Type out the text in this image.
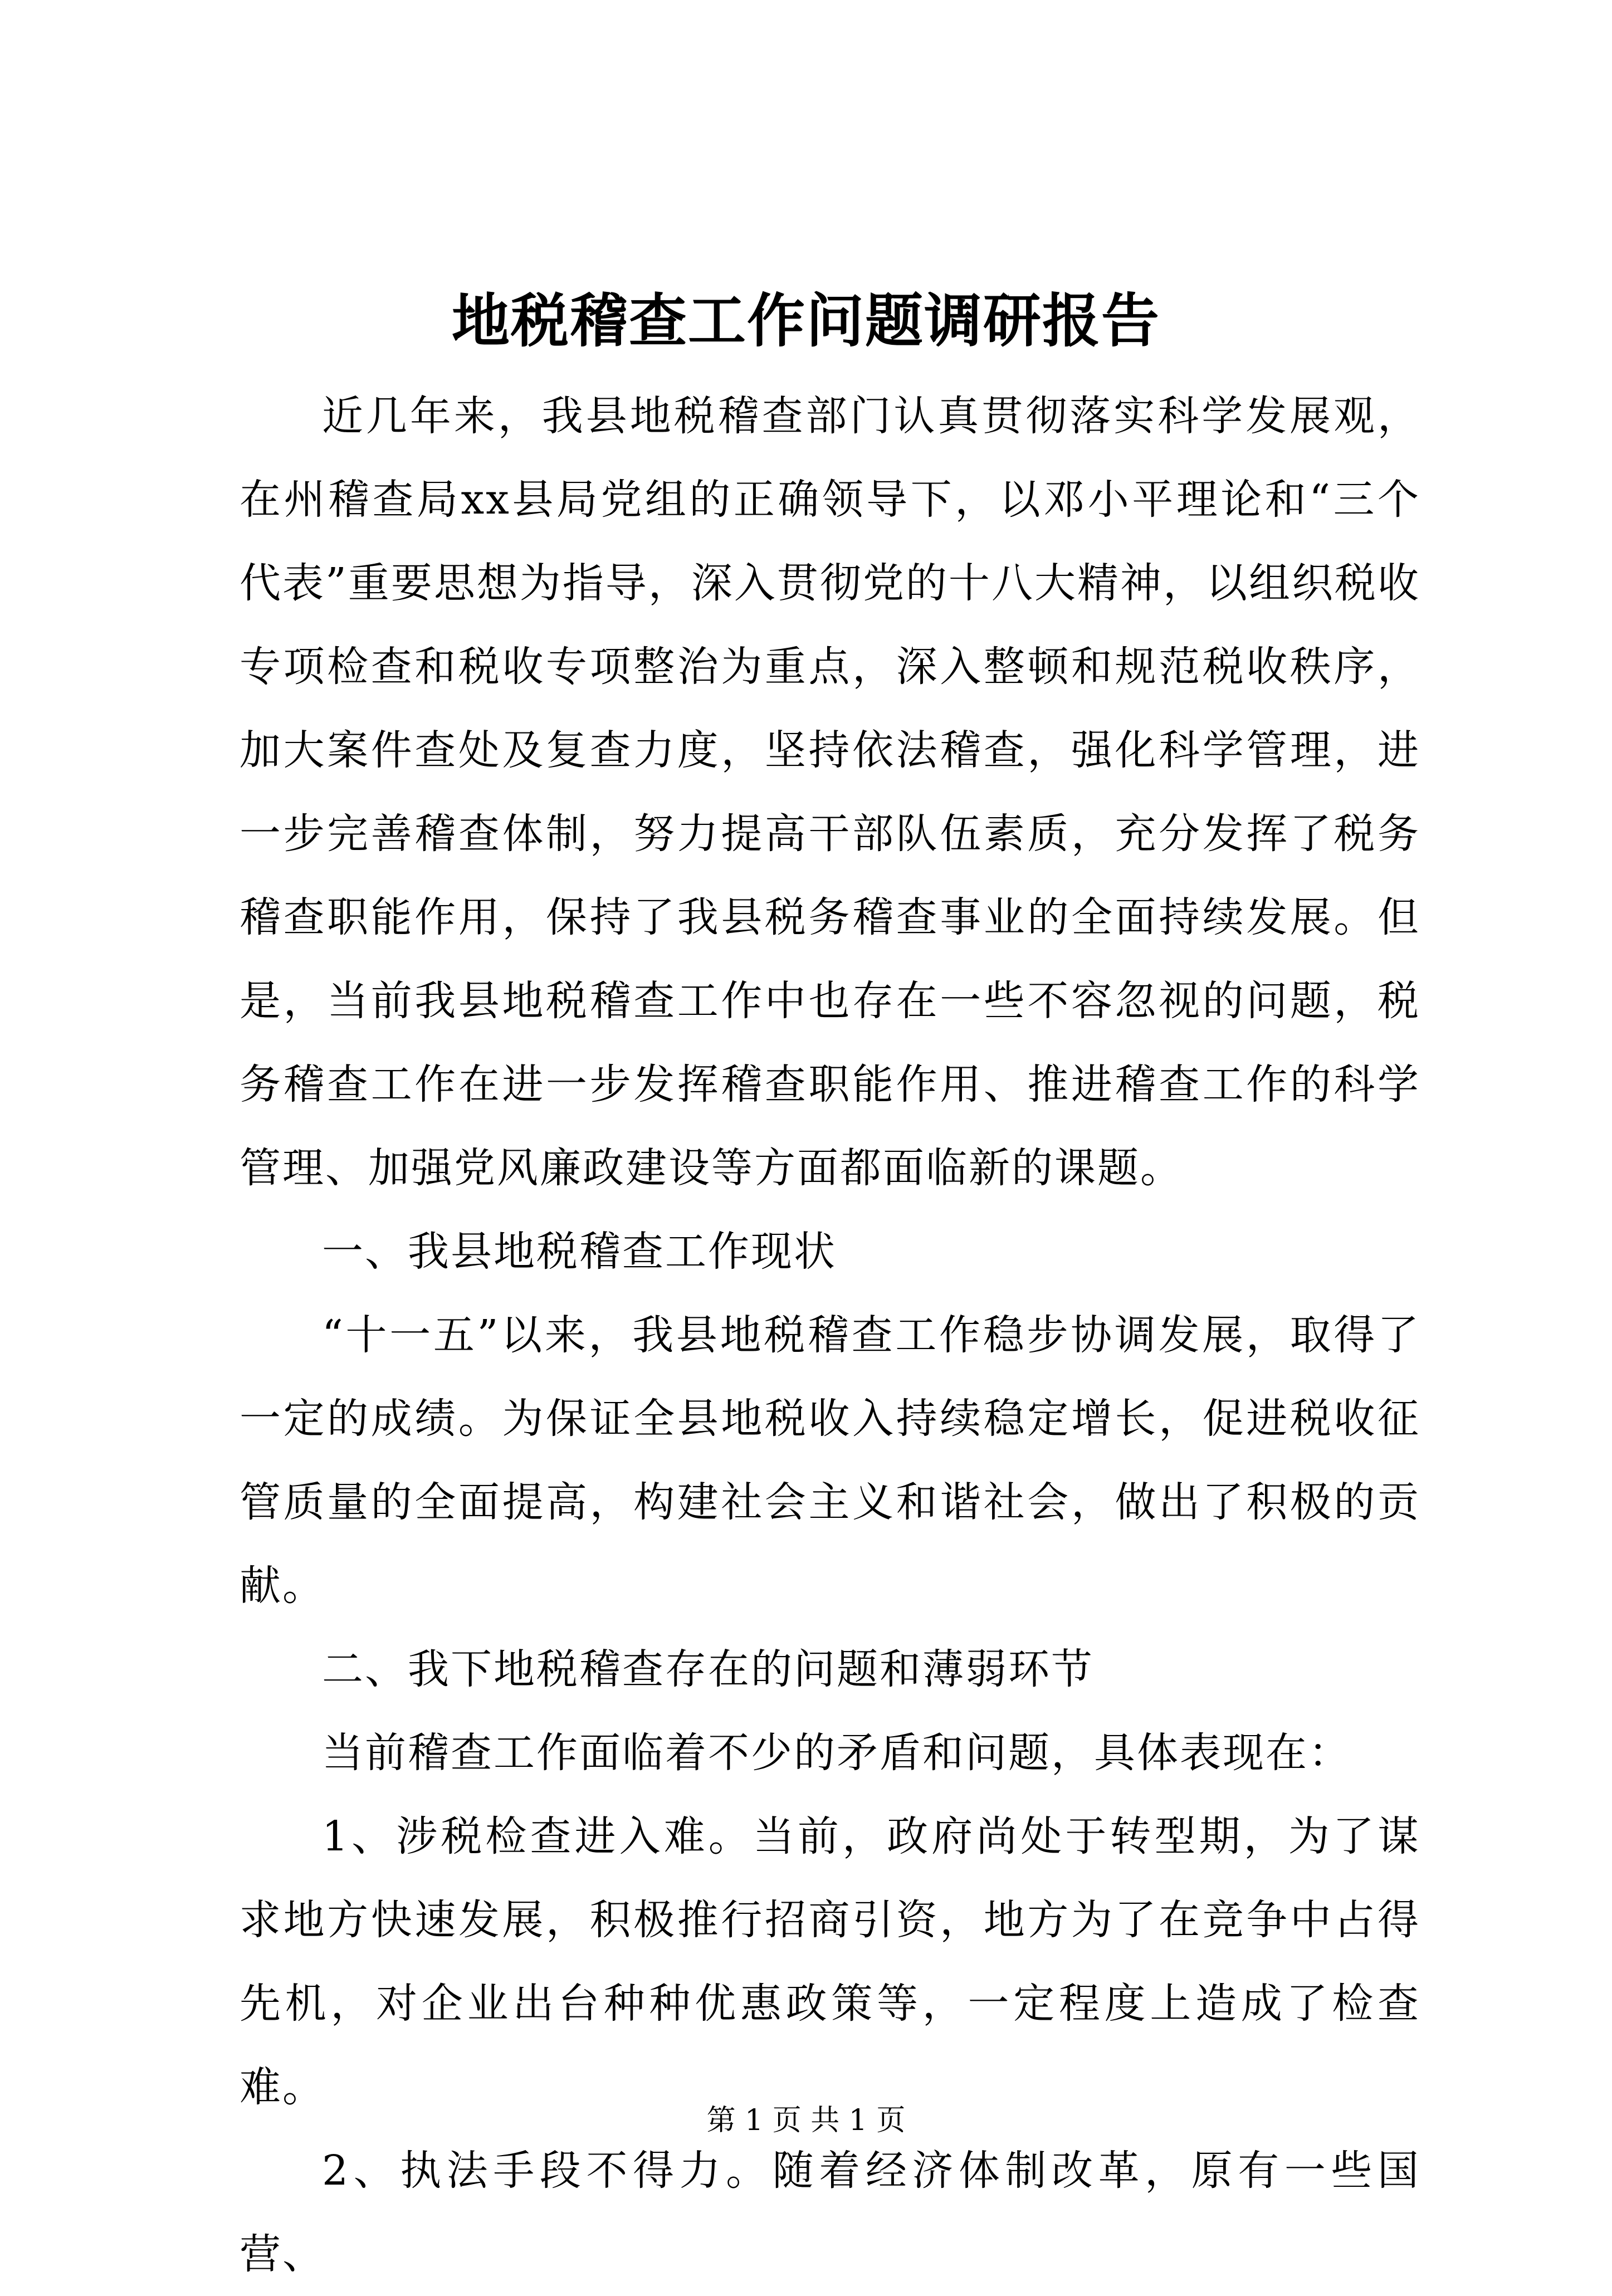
地税稽查工作问题调研报告

近几年来，我县地税稽查部门认真贯彻落实科学发展观，在州稽查局xx县局党组的正确领导下，以邓小平理论和“三个代表”重要思想为指导，深入贯彻党的十八大精神，以组织税收专项检查和税收专项整治为重点，深入整顿和规范税收秩序，加大案件查处及复查力度，坚持依法稽查，强化科学管理，进一步完善稽查体制，努力提高干部队伍素质，充分发挥了税务稽查职能作用，保持了我县税务稽查事业的全面持续发展。但是，当前我县地税稽查工作中也存在一些不容忽视的问题，税务稽查工作在进一步发挥稽查职能作用、推进稽查工作的科学管理、加强党风廉政建设等方面都面临新的课题。

一、我县地税稽查工作现状

“十一五”以来，我县地税稽查工作稳步协调发展，取得了一定的成绩。为保证全县地税收入持续稳定增长，促进税收征管质量的全面提高，构建社会主义和谐社会，做出了积极的贡献。

二、我下地税稽查存在的问题和薄弱环节

当前稽查工作面临着不少的矛盾和问题，具体表现在：

1、涉税检查进入难。当前，政府尚处于转型期，为了谋求地方快速发展，积极推行招商引资，地方为了在竞争中占得先机，对企业出台种种优惠政策等，一定程度上造成了检查难。

2、执法手段不得力。随着经济体制改革，原有一些国营、

第 1 页 共 1 页
